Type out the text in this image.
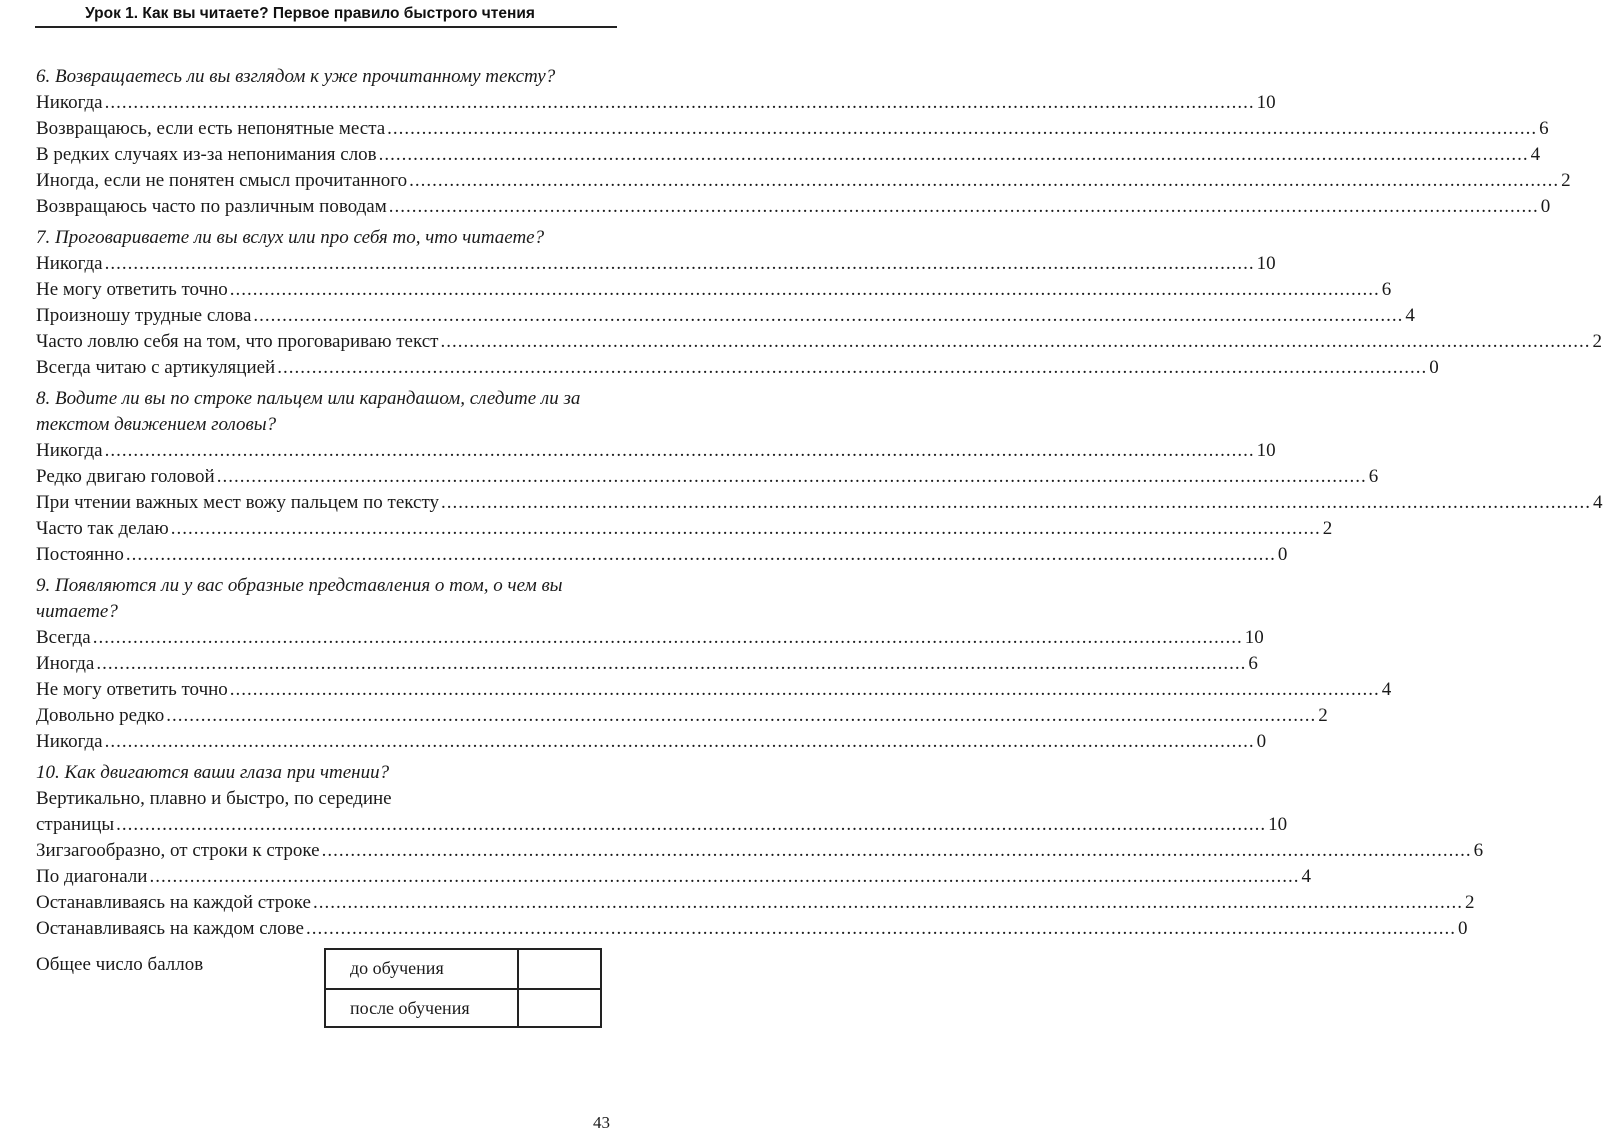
Урок 1. Как вы читаете? Первое правило быстрого чтения
6. Возвращаетесь ли вы взглядом к уже прочитанному тексту?
Никогда ........................................................................................................................................................................................................ 10
Возвращаюсь, если есть непонятные места ........................................................................................................................................................................................................ 6
В редких случаях из-за непонимания слов ........................................................................................................................................................................................................ 4
Иногда, если не понятен смысл прочитанного ........................................................................................................................................................................................................ 2
Возвращаюсь часто по различным поводам ........................................................................................................................................................................................................ 0
7. Проговариваете ли вы вслух или про себя то, что читаете?
Никогда ........................................................................................................................................................................................................ 10
Не могу ответить точно ........................................................................................................................................................................................................ 6
Произношу трудные слова ........................................................................................................................................................................................................ 4
Часто ловлю себя на том, что проговариваю текст ........................................................................................................................................................................................................ 2
Всегда читаю с артикуляцией ........................................................................................................................................................................................................ 0
8. Водите ли вы по строке пальцем или карандашом, следите ли за текстом движением головы?
Никогда ........................................................................................................................................................................................................ 10
Редко двигаю головой ........................................................................................................................................................................................................ 6
При чтении важных мест вожу пальцем по тексту ........................................................................................................................................................................................................ 4
Часто так делаю ........................................................................................................................................................................................................ 2
Постоянно ........................................................................................................................................................................................................ 0
9. Появляются ли у вас образные представления о том, о чем вы читаете?
Всегда ........................................................................................................................................................................................................ 10
Иногда ........................................................................................................................................................................................................ 6
Не могу ответить точно ........................................................................................................................................................................................................ 4
Довольно редко ........................................................................................................................................................................................................ 2
Никогда ........................................................................................................................................................................................................ 0
10. Как двигаются ваши глаза при чтении?
Вертикально, плавно и быстро, по середине
страницы ........................................................................................................................................................................................................ 10
Зигзагообразно, от строки к строке ........................................................................................................................................................................................................ 6
По диагонали ........................................................................................................................................................................................................ 4
Останавливаясь на каждой строке ........................................................................................................................................................................................................ 2
Останавливаясь на каждом слове ........................................................................................................................................................................................................ 0
Общее число баллов	до обучения
после обучения
43
